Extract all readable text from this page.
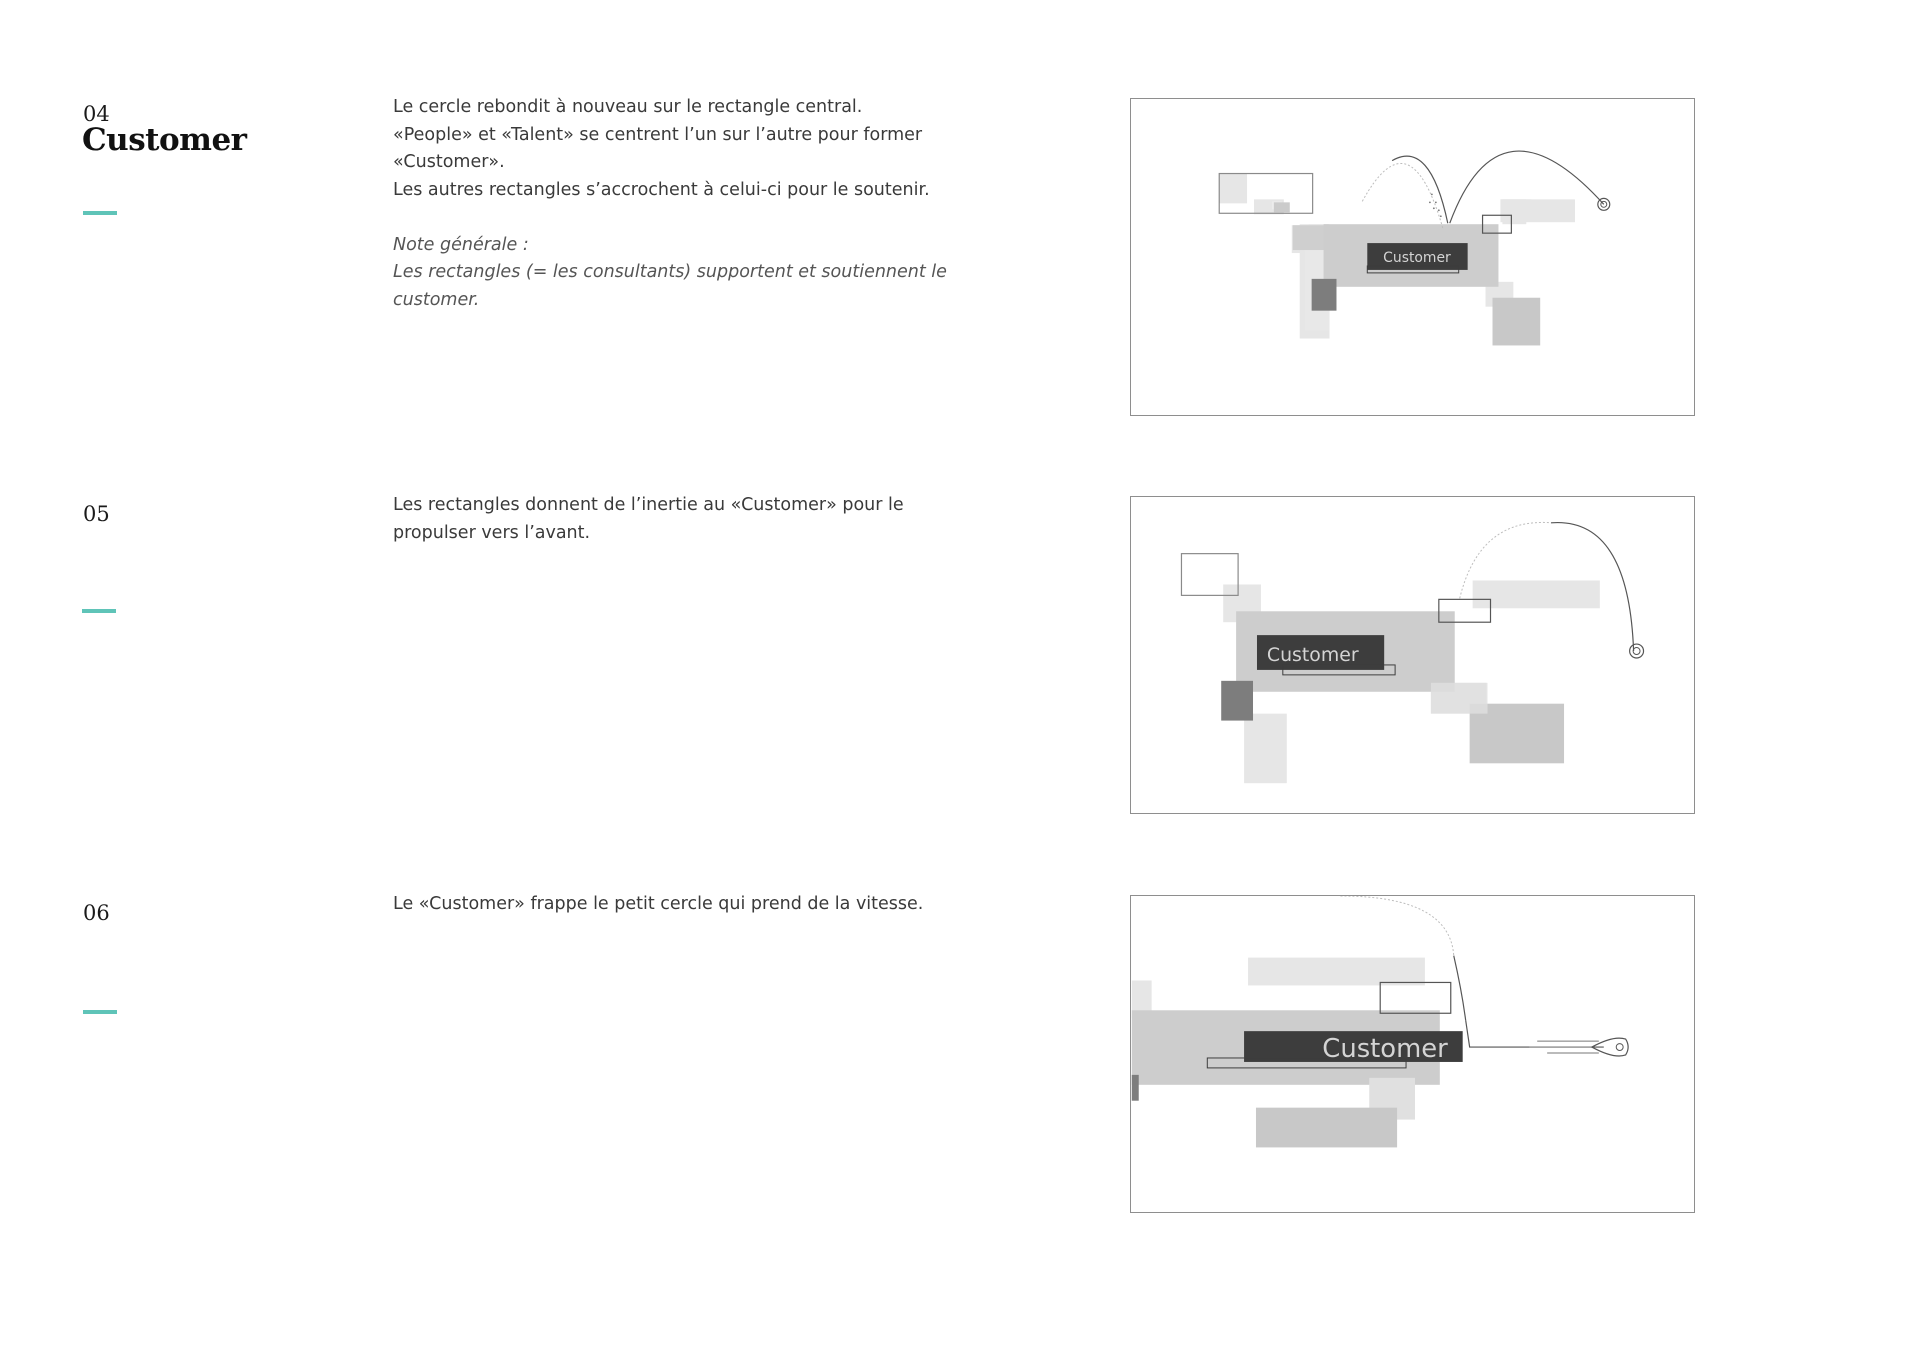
04
Customer

Le cercle rebondit à nouveau sur le rectangle central.

«People» et «Talent» se centrent l’un sur l’autre pour former

«Customer».

Les autres rectangles s’accrochent à celui-ci pour le soutenir.

Note générale :

Les rectangles (= les consultants) supportent et soutiennent le

customer.

Customer
05	Les rectangles donnent de l’inertie au «Customer» pour le

propulser vers l’avant.

Customer
06	Le «Customer» frappe le petit cercle qui prend de la vitesse.

Customer
